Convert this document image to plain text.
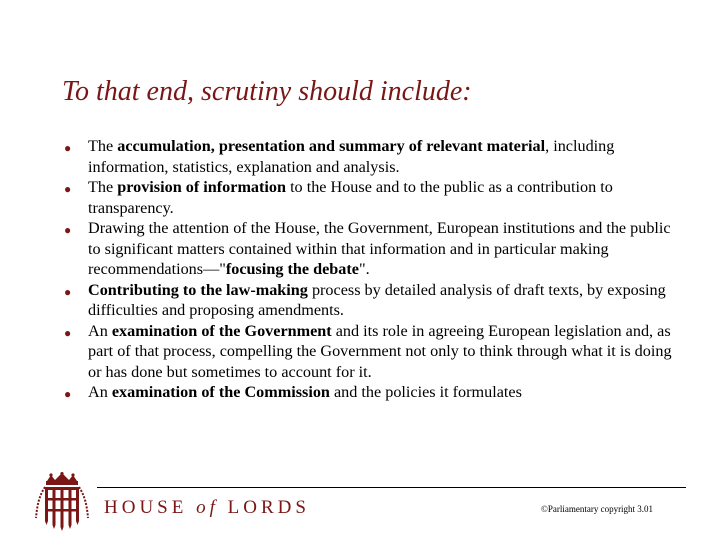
To that end, scrutiny should include:
● The accumulation, presentation and summary of relevant material, including information, statistics, explanation and analysis.
● The provision of information to the House and to the public as a contribution to transparency.
● Drawing the attention of the House, the Government, European institutions and the public to significant matters contained within that information and in particular making recommendations—"focusing the debate".
● Contributing to the law-making process by detailed analysis of draft texts, by exposing difficulties and proposing amendments.
● An examination of the Government and its role in agreeing European legislation and, as part of that process, compelling the Government not only to think through what it is doing or has done but sometimes to account for it.
● An examination of the Commission and the policies it formulates
HOUSE of LORDS	©Parliamentary copyright 3.01
